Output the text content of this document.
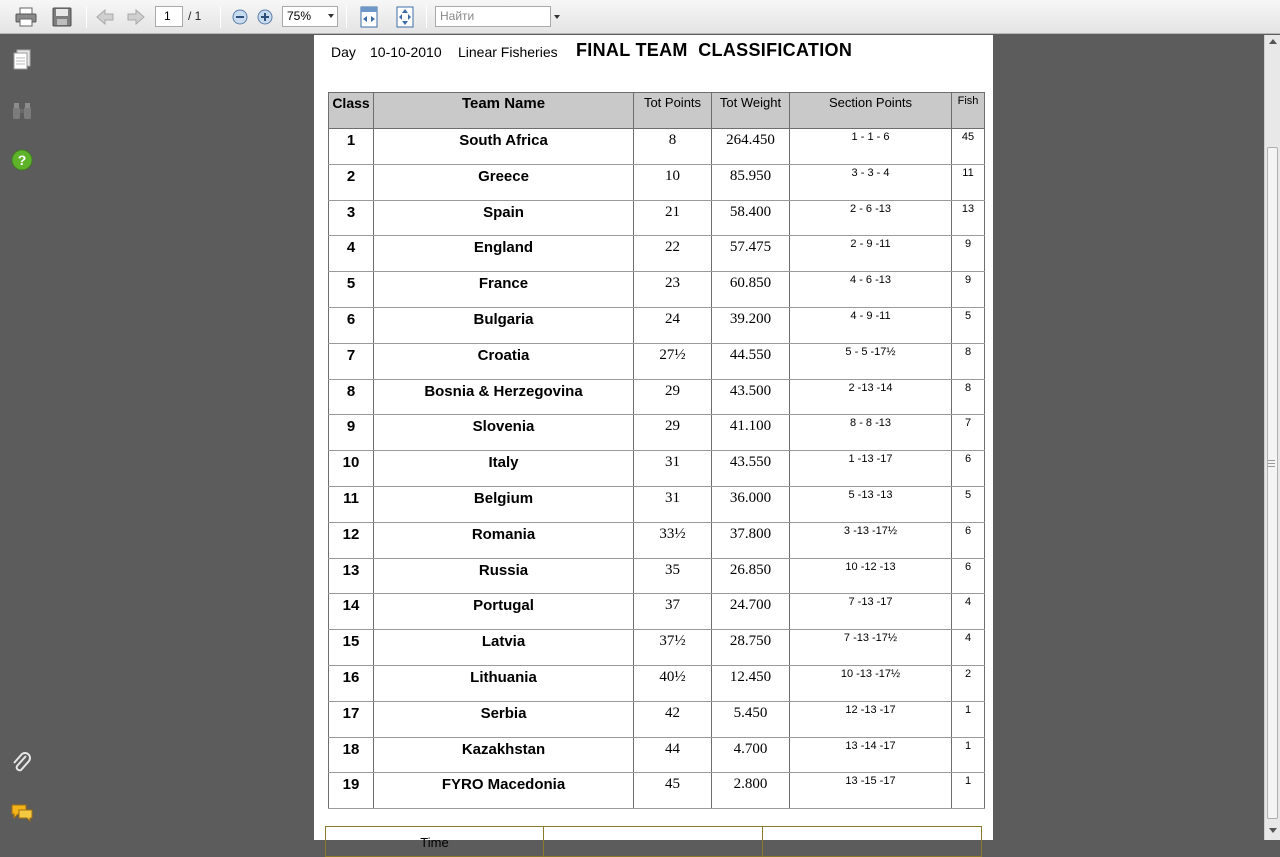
1	/ 1	75%	Найти
?
Day 10-10-2010 Linear Fisheries FINAL TEAM  CLASSIFICATION
Class	Team Name	Tot Points	Tot Weight	Section Points	Fish
1	South Africa	8	264.450	1 - 1 - 6	45
2	Greece	10	85.950	3 - 3 - 4	11
3	Spain	21	58.400	2 - 6 -13	13
4	England	22	57.475	2 - 9 -11	9
5	France	23	60.850	4 - 6 -13	9
6	Bulgaria	24	39.200	4 - 9 -11	5
7	Croatia	27½	44.550	5 - 5 -17½	8
8	Bosnia & Herzegovina	29	43.500	2 -13 -14	8
9	Slovenia	29	41.100	8 - 8 -13	7
10	Italy	31	43.550	1 -13 -17	6
11	Belgium	31	36.000	5 -13 -13	5
12	Romania	33½	37.800	3 -13 -17½	6
13	Russia	35	26.850	10 -12 -13	6
14	Portugal	37	24.700	7 -13 -17	4
15	Latvia	37½	28.750	7 -13 -17½	4
16	Lithuania	40½	12.450	10 -13 -17½	2
17	Serbia	42	5.450	12 -13 -17	1
18	Kazakhstan	44	4.700	13 -14 -17	1
19	FYRO Macedonia	45	2.800	13 -15 -17	1
Time		
